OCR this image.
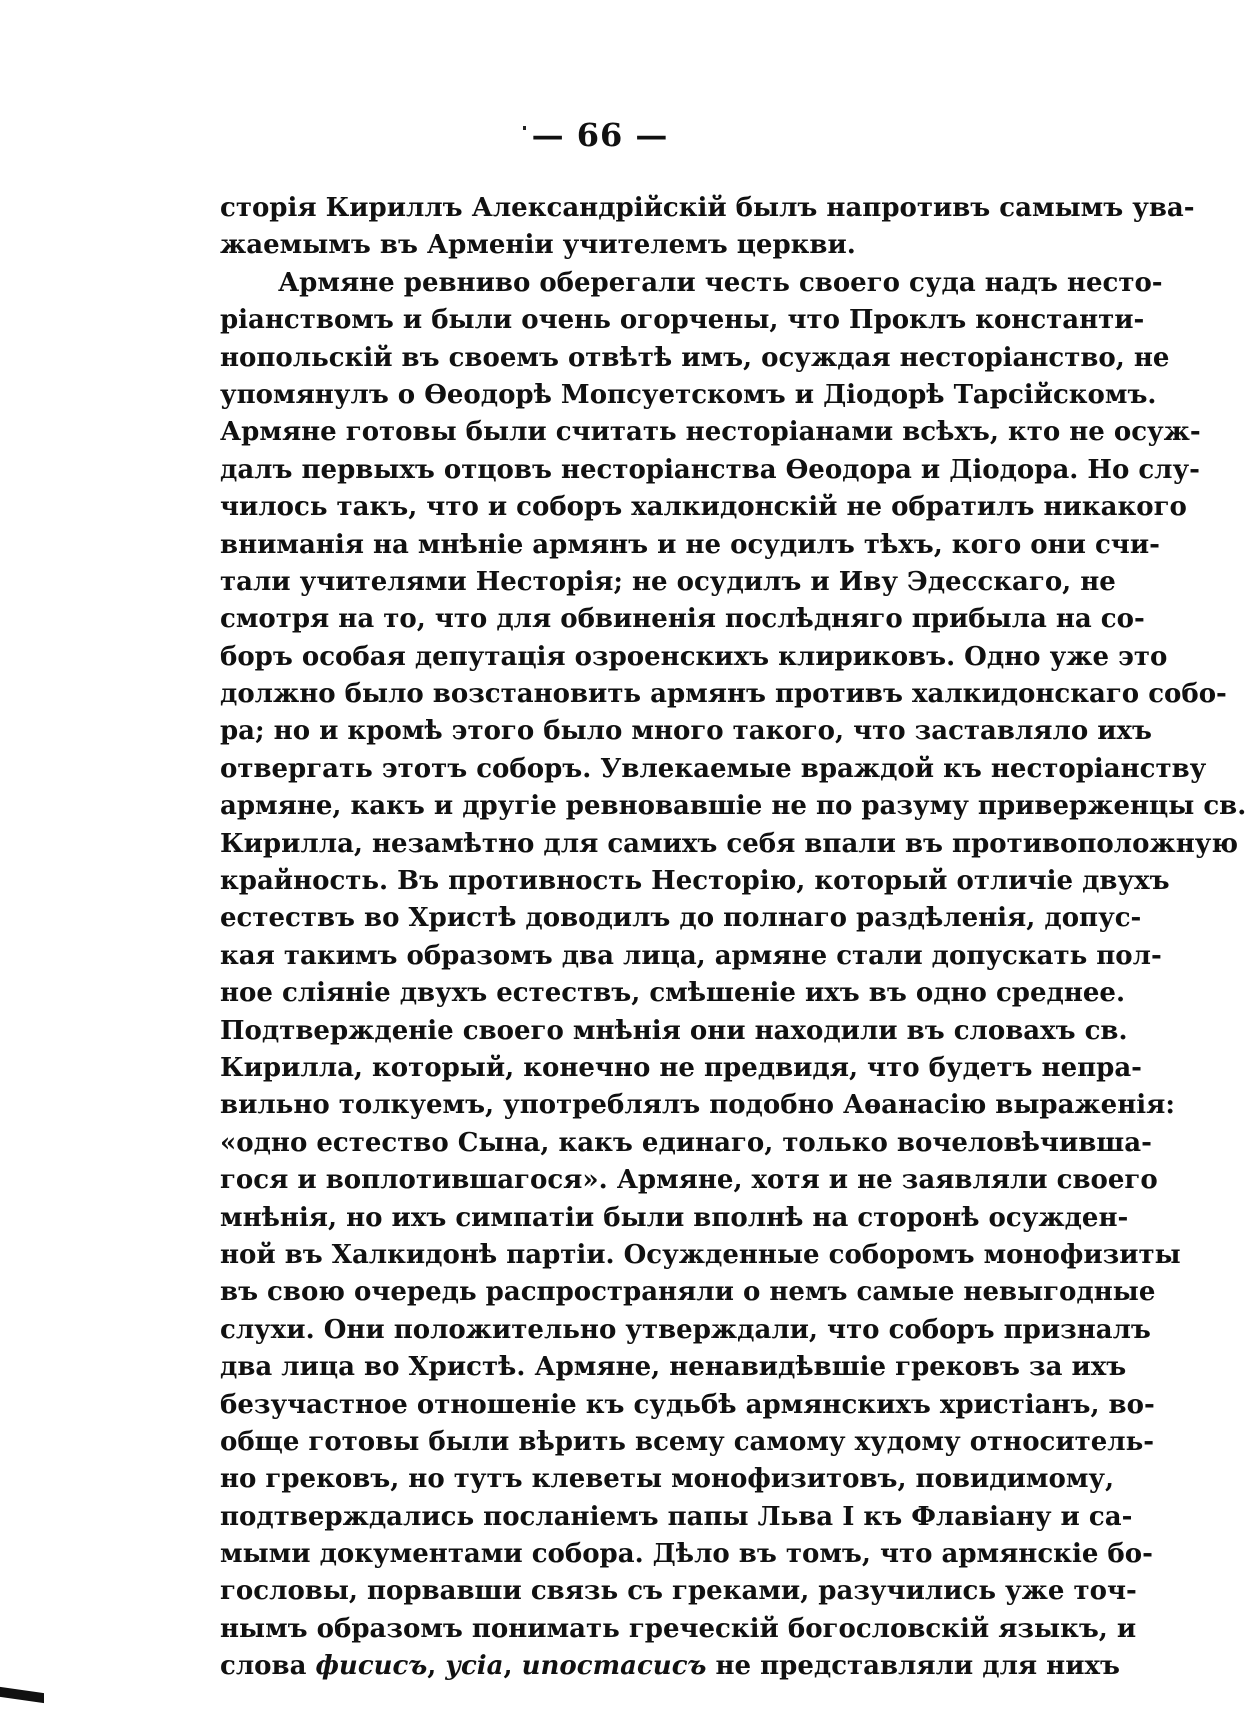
— 66 —
сторія Кириллъ Александрійскій былъ напротивъ самымъ ува-
жаемымъ въ Арменіи учителемъ церкви.
Армяне ревниво оберегали честь своего суда надъ несто-
ріанствомъ и были очень огорчены, что Проклъ константи-
нопольскій въ своемъ отвѣтѣ имъ, осуждая несторіанство, не
упомянулъ о Ѳеодорѣ Мопсуетскомъ и Діодорѣ Тарсійскомъ.
Армяне готовы были считать несторіанами всѣхъ, кто не осуж-
далъ первыхъ отцовъ несторіанства Ѳеодора и Діодора. Но слу-
чилось такъ, что и соборъ халкидонскій не обратилъ никакого
вниманія на мнѣніе армянъ и не осудилъ тѣхъ, кого они счи-
тали учителями Несторія; не осудилъ и Иву Эдесскаго, не
смотря на то, что для обвиненія послѣдняго прибыла на со-
боръ особая депутація озроенскихъ клириковъ. Одно уже это
должно было возстановить армянъ противъ халкидонскаго собо-
ра; но и кромѣ этого было много такого, что заставляло ихъ
отвергать этотъ соборъ. Увлекаемые враждой къ несторіанству
армяне, какъ и другіе ревновавшіе не по разуму приверженцы св.
Кирилла, незамѣтно для самихъ себя впали въ противоположную
крайность. Въ противность Несторію, который отличіе двухъ
естествъ во Христѣ доводилъ до полнаго раздѣленія, допус-
кая такимъ образомъ два лица, армяне стали допускать пол-
ное сліяніе двухъ естествъ, смѣшеніе ихъ въ одно среднее.
Подтвержденіе своего мнѣнія они находили въ словахъ св.
Кирилла, который, конечно не предвидя, что будетъ непра-
вильно толкуемъ, употреблялъ подобно Аѳанасію выраженія:
«одно естество Сына, какъ единаго, только вочеловѣчивша-
гося и воплотившагося». Армяне, хотя и не заявляли своего
мнѣнія, но ихъ симпатіи были вполнѣ на сторонѣ осужден-
ной въ Халкидонѣ партіи. Осужденные соборомъ монофизиты
въ свою очередь распространяли о немъ самые невыгодные
слухи. Они положительно утверждали, что соборъ призналъ
два лица во Христѣ. Армяне, ненавидѣвшіе грековъ за ихъ
безучастное отношеніе къ судьбѣ армянскихъ христіанъ, во-
обще готовы были вѣрить всему самому худому относитель-
но грековъ, но тутъ клеветы монофизитовъ, повидимому,
подтверждались посланіемъ папы Льва I къ Флавіану и са-
мыми документами собора. Дѣло въ томъ, что армянскіе бо-
гословы, порвавши связь съ греками, разучились уже точ-
нымъ образомъ понимать греческій богословскій языкъ, и
слова фисисъ, усіа, ипостасисъ не представляли для нихъ
